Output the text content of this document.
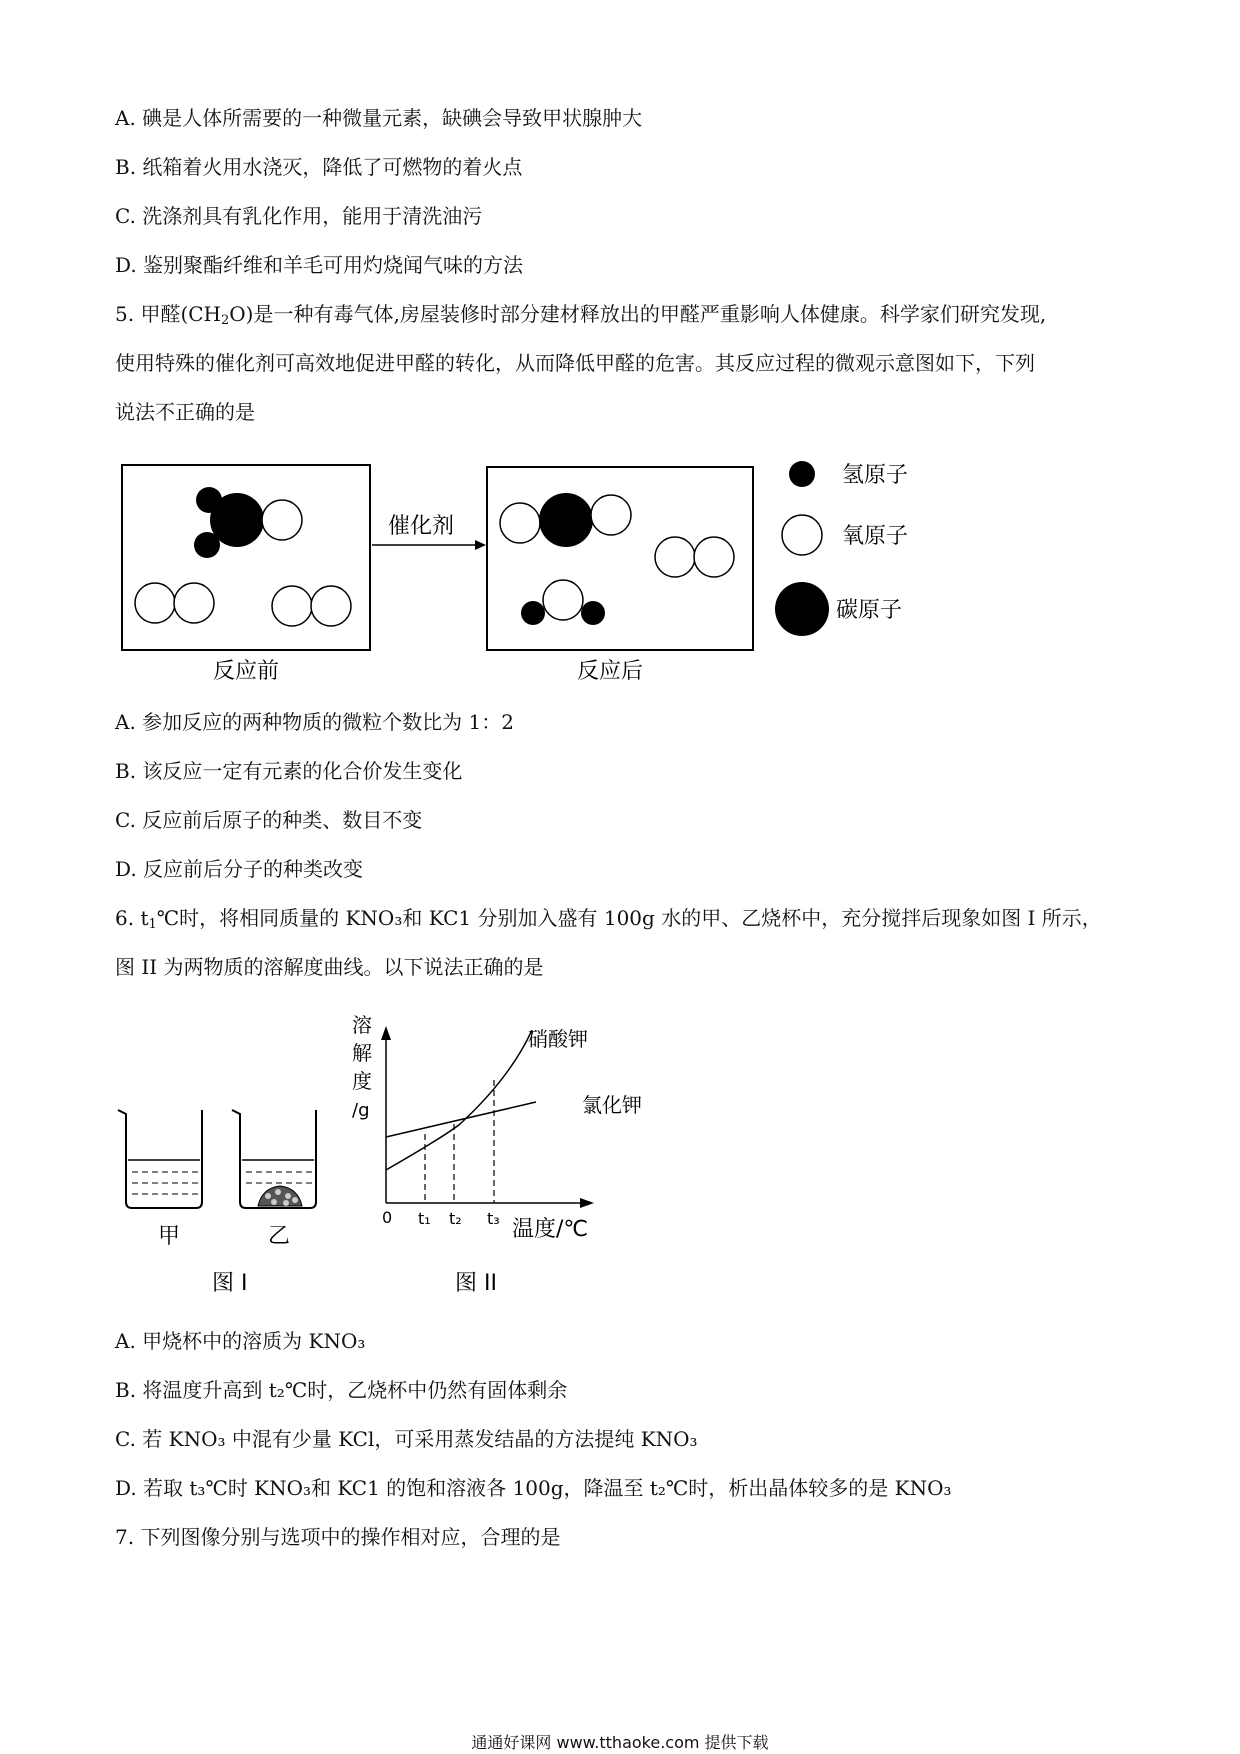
A. 碘是人体所需要的一种微量元素，缺碘会导致甲状腺肿大
B. 纸箱着火用水浇灭，降低了可燃物的着火点
C. 洗涤剂具有乳化作用，能用于清洗油污
D. 鉴别聚酯纤维和羊毛可用灼烧闻气味的方法
5. 甲醛$(CH_2O)$是一种有毒气体,房屋装修时部分建材释放出的甲醛严重影响人体健康。科学家们研究发现,
使用特殊的催化剂可高效地促进甲醛的转化，从而降低甲醛的危害。其反应过程的微观示意图如下，下列
说法不正确的是
催化剂
反应前	反应后
氢原子
氧原子
碳原子
A. 参加反应的两种物质的微粒个数比为 1：2
B. 该反应一定有元素的化合价发生变化
C. 反应前后原子的种类、数目不变
D. 反应前后分子的种类改变
6. $t_1℃$时，将相同质量的 KNO₃和 KC1 分别加入盛有 100g 水的甲、乙烧杯中，充分搅拌后现象如图 I 所示，
图 II 为两物质的溶解度曲线。以下说法正确的是
甲	乙
图 I
溶
解
度
/g
硝酸钾
氯化钾
0 t₁ t₂ t₃ 温度/℃
图 II
A. 甲烧杯中的溶质为 KNO₃
B. 将温度升高到 t₂℃时，乙烧杯中仍然有固体剩余
C. 若 KNO₃ 中混有少量 KCl，可采用蒸发结晶的方法提纯 KNO₃
D. 若取 t₃℃时 KNO₃和 KC1 的饱和溶液各 100g，降温至 t₂℃时，析出晶体较多的是 KNO₃
7. 下列图像分别与选项中的操作相对应，合理的是
通通好课网 www.tthaoke.com 提供下载
